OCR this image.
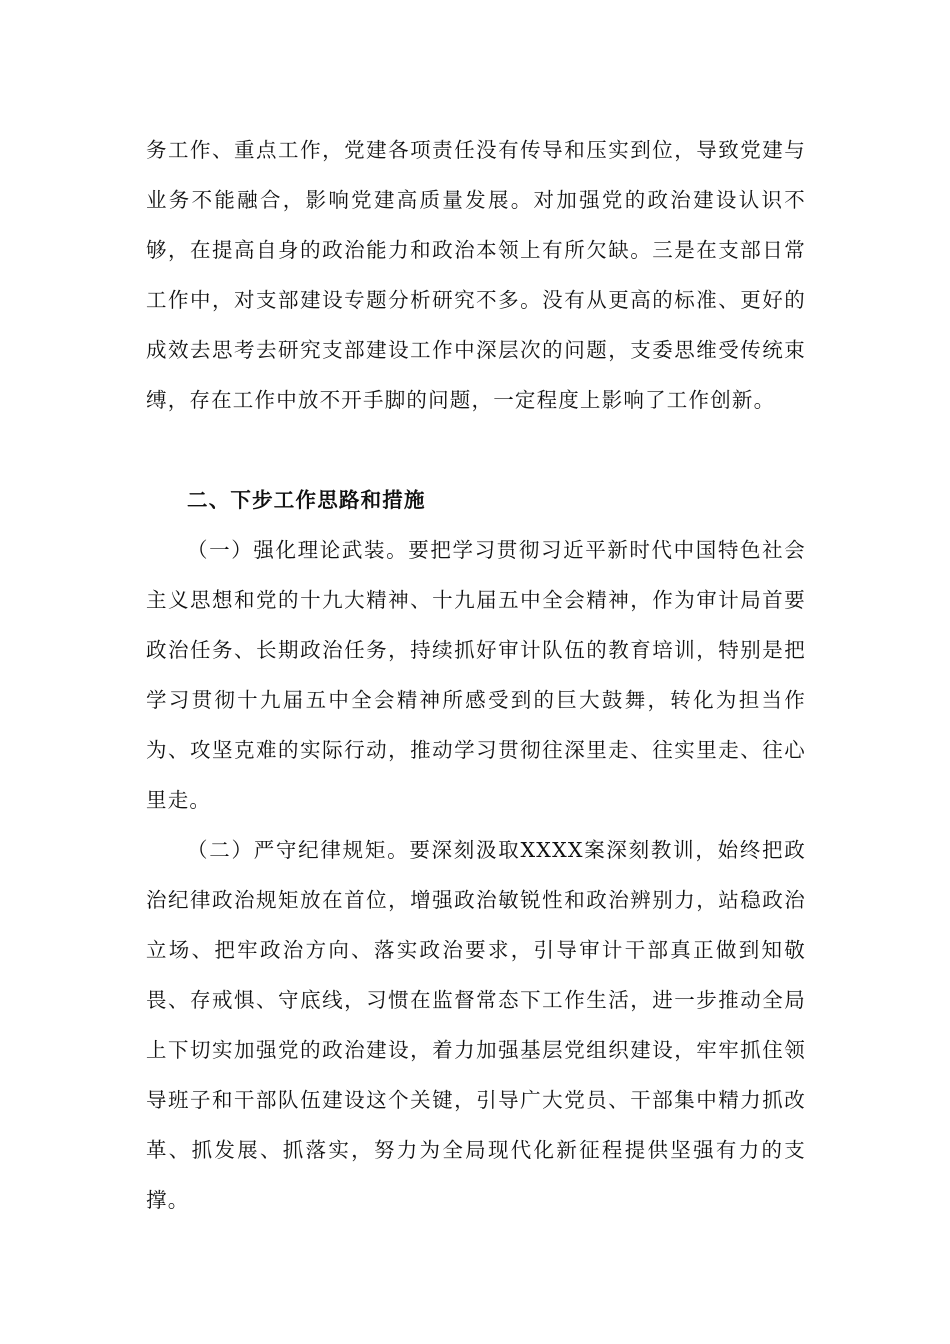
务工作、重点工作，党建各项责任没有传导和压实到位，导致党建与业务不能融合，影响党建高质量发展。对加强党的政治建设认识不够，在提高自身的政治能力和政治本领上有所欠缺。三是在支部日常工作中，对支部建设专题分析研究不多。没有从更高的标准、更好的成效去思考去研究支部建设工作中深层次的问题，支委思维受传统束缚，存在工作中放不开手脚的问题，一定程度上影响了工作创新。

二、下步工作思路和措施

（一）强化理论武装。要把学习贯彻习近平新时代中国特色社会主义思想和党的十九大精神、十九届五中全会精神，作为审计局首要政治任务、长期政治任务，持续抓好审计队伍的教育培训，特别是把学习贯彻十九届五中全会精神所感受到的巨大鼓舞，转化为担当作为、攻坚克难的实际行动，推动学习贯彻往深里走、往实里走、往心里走。

（二）严守纪律规矩。要深刻汲取XXXX案深刻教训，始终把政治纪律政治规矩放在首位，增强政治敏锐性和政治辨别力，站稳政治立场、把牢政治方向、落实政治要求，引导审计干部真正做到知敬畏、存戒惧、守底线，习惯在监督常态下工作生活，进一步推动全局上下切实加强党的政治建设，着力加强基层党组织建设，牢牢抓住领导班子和干部队伍建设这个关键，引导广大党员、干部集中精力抓改革、抓发展、抓落实，努力为全局现代化新征程提供坚强有力的支撑。
